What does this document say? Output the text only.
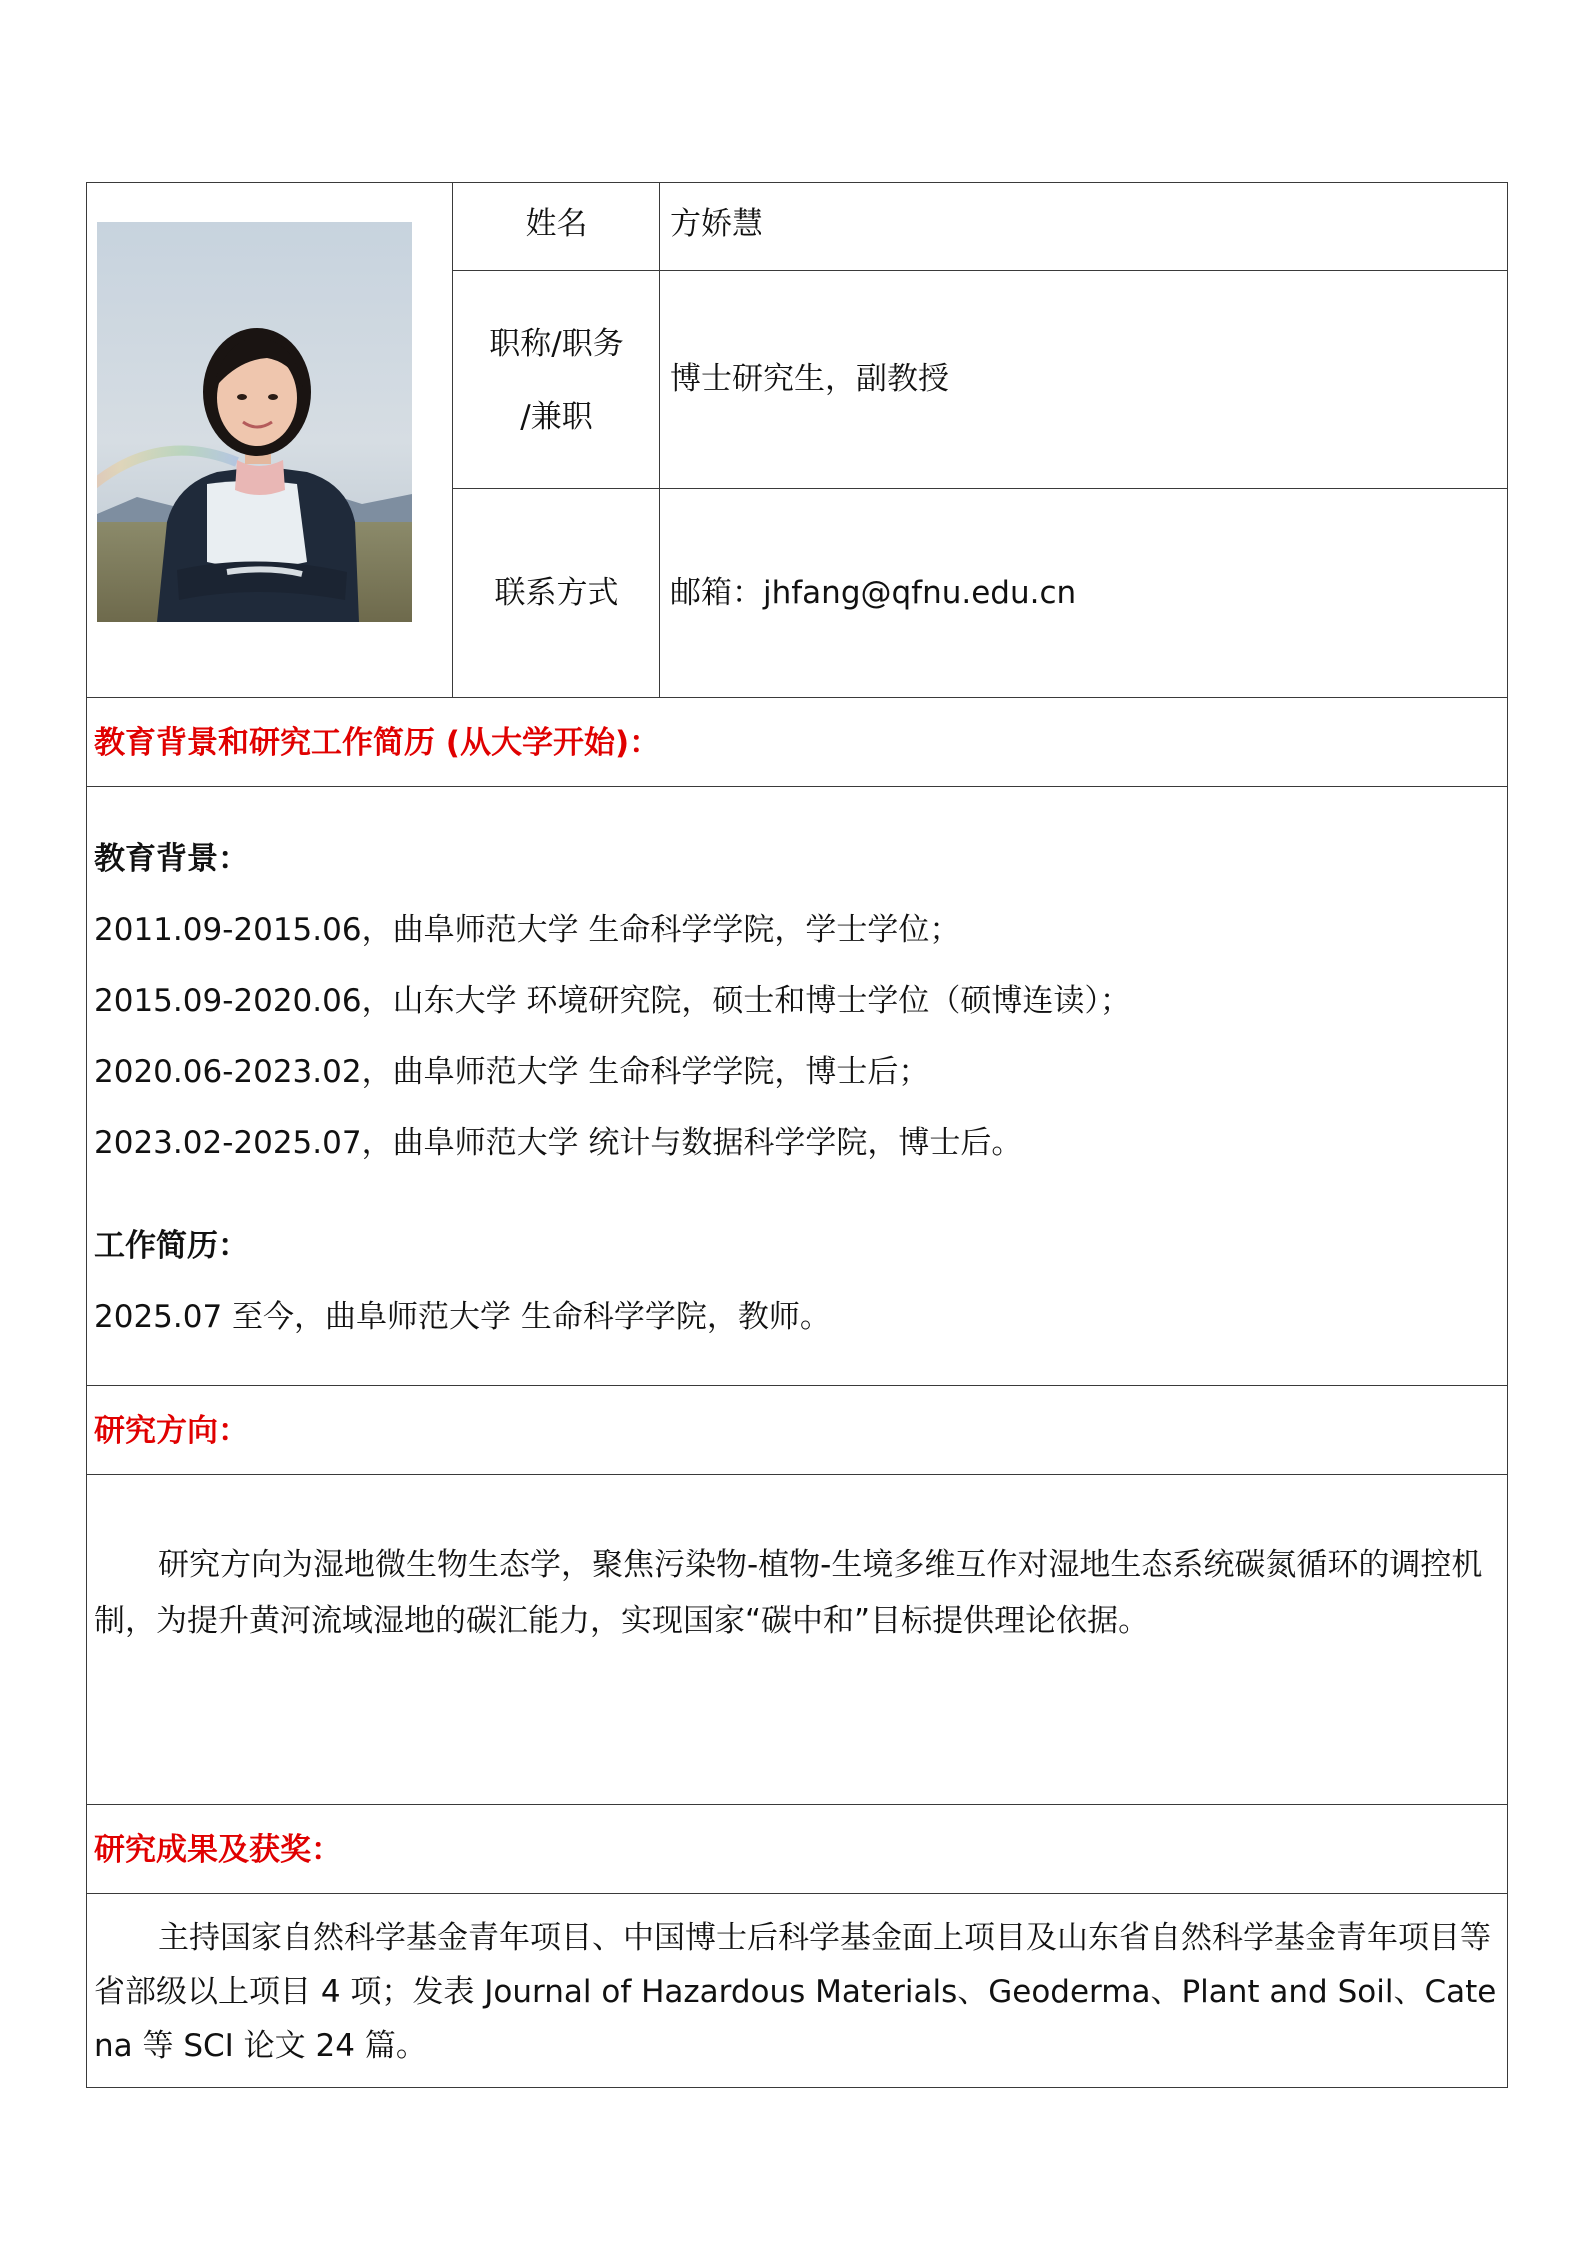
姓名	方娇慧
职称/职务
/兼职
博士研究生，副教授
联系方式	邮箱：jhfang@qfnu.edu.cn
教育背景和研究工作简历 (从大学开始)：
教育背景：
2011.09-2015.06，曲阜师范大学 生命科学学院，学士学位；
2015.09-2020.06，山东大学 环境研究院，硕士和博士学位（硕博连读）；
2020.06-2023.02，曲阜师范大学 生命科学学院，博士后；
2023.02-2025.07，曲阜师范大学 统计与数据科学学院，博士后。
工作简历：
2025.07 至今，曲阜师范大学 生命科学学院，教师。
研究方向：
研究方向为湿地微生物生态学，聚焦污染物-植物-生境多维互作对湿地生态系统碳氮循环的调控机制，为提升黄河流域湿地的碳汇能力，实现国家“碳中和”目标提供理论依据。
研究成果及获奖：
主持国家自然科学基金青年项目、中国博士后科学基金面上项目及山东省自然科学基金青年项目等省部级以上项目 4 项；发表 Journal of Hazardous Materials、Geoderma、Plant and Soil、Catena 等 SCI 论文 24 篇。
